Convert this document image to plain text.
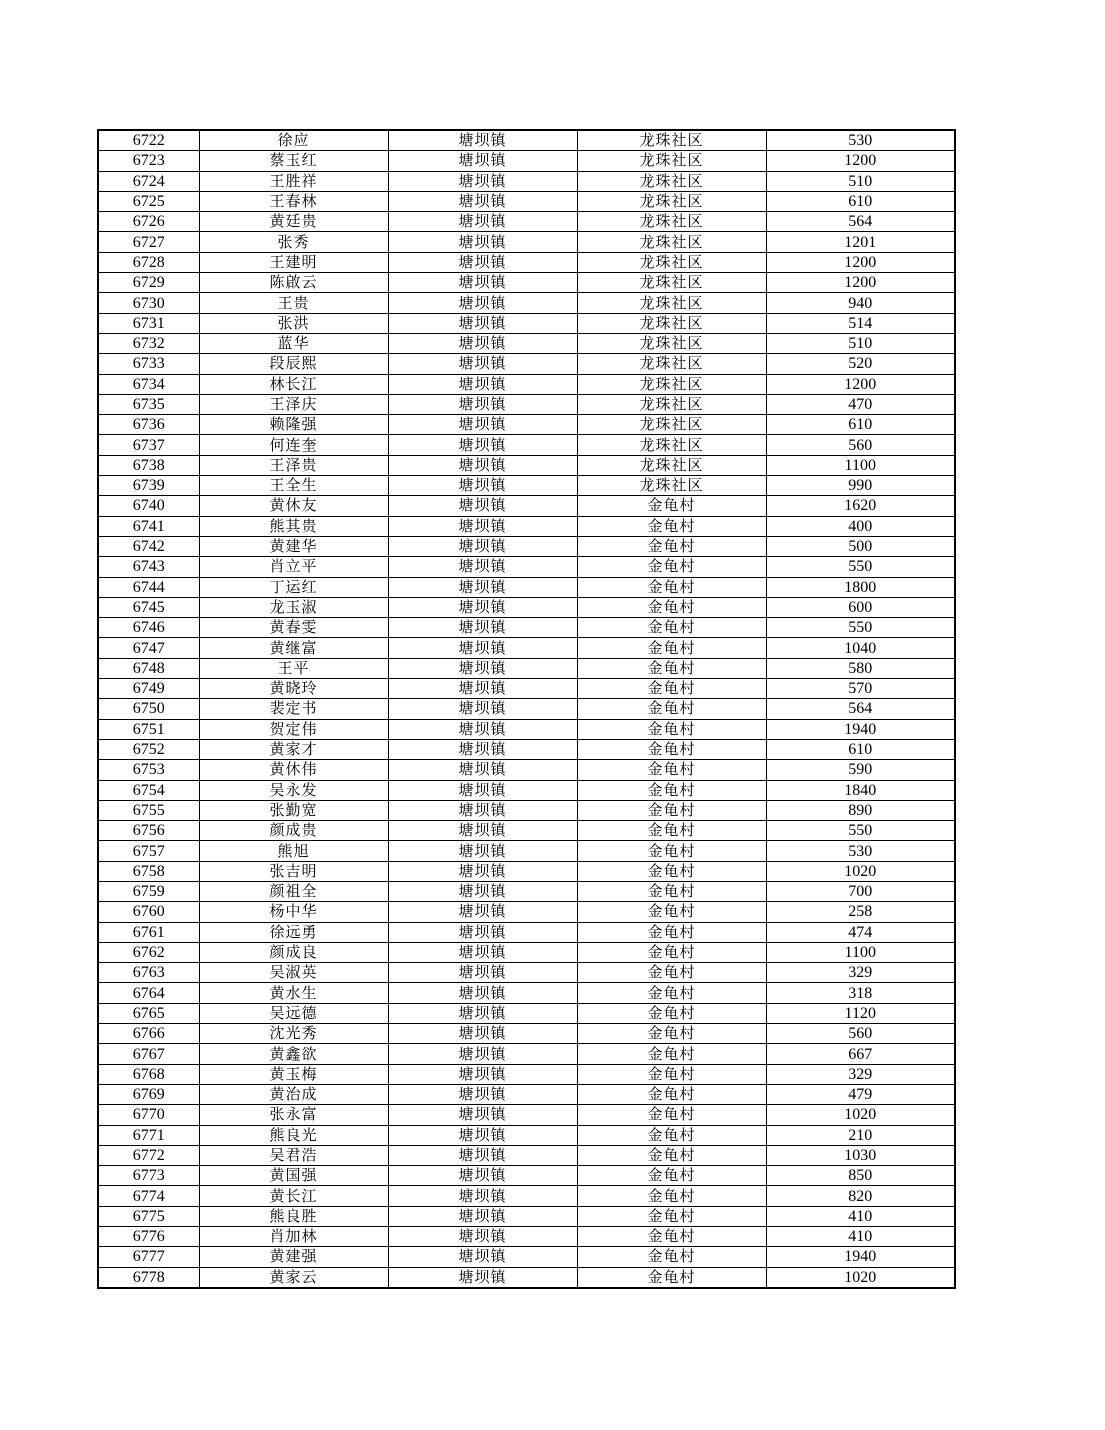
6722	徐应	塘坝镇	龙珠社区	530
6723	蔡玉红	塘坝镇	龙珠社区	1200
6724	王胜祥	塘坝镇	龙珠社区	510
6725	王春林	塘坝镇	龙珠社区	610
6726	黄廷贵	塘坝镇	龙珠社区	564
6727	张秀	塘坝镇	龙珠社区	1201
6728	王建明	塘坝镇	龙珠社区	1200
6729	陈啟云	塘坝镇	龙珠社区	1200
6730	王贵	塘坝镇	龙珠社区	940
6731	张洪	塘坝镇	龙珠社区	514
6732	蓝华	塘坝镇	龙珠社区	510
6733	段辰熙	塘坝镇	龙珠社区	520
6734	林长江	塘坝镇	龙珠社区	1200
6735	王泽庆	塘坝镇	龙珠社区	470
6736	赖隆强	塘坝镇	龙珠社区	610
6737	何连奎	塘坝镇	龙珠社区	560
6738	王泽贵	塘坝镇	龙珠社区	1100
6739	王全生	塘坝镇	龙珠社区	990
6740	黄休友	塘坝镇	金龟村	1620
6741	熊其贵	塘坝镇	金龟村	400
6742	黄建华	塘坝镇	金龟村	500
6743	肖立平	塘坝镇	金龟村	550
6744	丁运红	塘坝镇	金龟村	1800
6745	龙玉淑	塘坝镇	金龟村	600
6746	黄春雯	塘坝镇	金龟村	550
6747	黄继富	塘坝镇	金龟村	1040
6748	王平	塘坝镇	金龟村	580
6749	黄晓玲	塘坝镇	金龟村	570
6750	裴定书	塘坝镇	金龟村	564
6751	贺定伟	塘坝镇	金龟村	1940
6752	黄家才	塘坝镇	金龟村	610
6753	黄休伟	塘坝镇	金龟村	590
6754	吴永发	塘坝镇	金龟村	1840
6755	张勤宽	塘坝镇	金龟村	890
6756	颜成贵	塘坝镇	金龟村	550
6757	熊旭	塘坝镇	金龟村	530
6758	张吉明	塘坝镇	金龟村	1020
6759	颜祖全	塘坝镇	金龟村	700
6760	杨中华	塘坝镇	金龟村	258
6761	徐远勇	塘坝镇	金龟村	474
6762	颜成良	塘坝镇	金龟村	1100
6763	吴淑英	塘坝镇	金龟村	329
6764	黄水生	塘坝镇	金龟村	318
6765	吴远德	塘坝镇	金龟村	1120
6766	沈光秀	塘坝镇	金龟村	560
6767	黄鑫欲	塘坝镇	金龟村	667
6768	黄玉梅	塘坝镇	金龟村	329
6769	黄治成	塘坝镇	金龟村	479
6770	张永富	塘坝镇	金龟村	1020
6771	熊良光	塘坝镇	金龟村	210
6772	吴君浩	塘坝镇	金龟村	1030
6773	黄国强	塘坝镇	金龟村	850
6774	黄长江	塘坝镇	金龟村	820
6775	熊良胜	塘坝镇	金龟村	410
6776	肖加林	塘坝镇	金龟村	410
6777	黄建强	塘坝镇	金龟村	1940
6778	黄家云	塘坝镇	金龟村	1020
